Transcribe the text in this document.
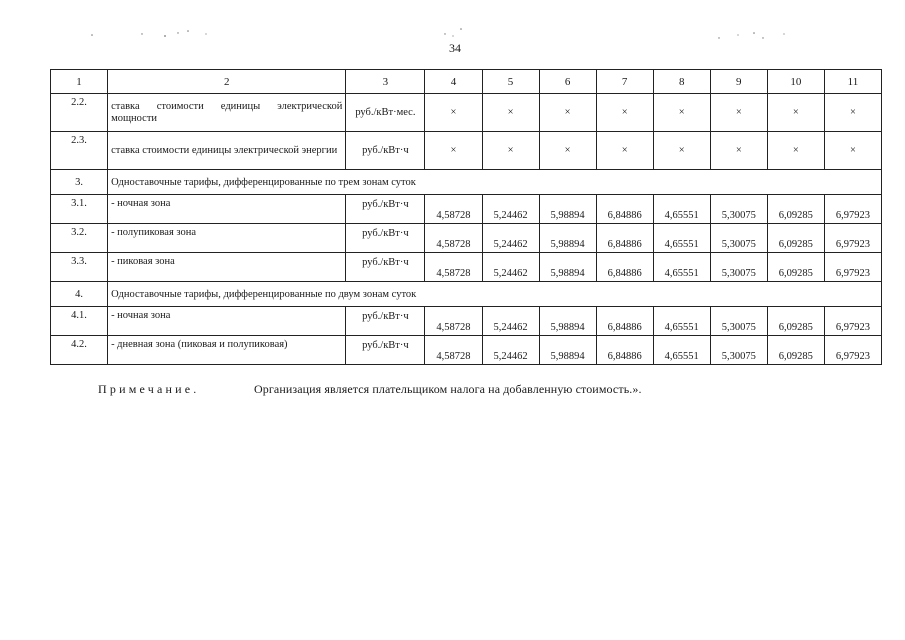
34
1	2	3	4	5	6	7	8	9	10	11
2.2.	ставка стоимости единицы электрической мощности	руб./кВт·мес.	×	×	×	×	×	×	×	×
2.3.	ставка стоимости единицы электрической энергии	руб./кВт·ч	×	×	×	×	×	×	×	×
3.	Одноставочные тарифы, дифференцированные по трем зонам суток									
3.1.	- ночная зона	руб./кВт·ч	4,58728	5,24462	5,98894	6,84886	4,65551	5,30075	6,09285	6,97923
3.2.	- полупиковая зона	руб./кВт·ч	4,58728	5,24462	5,98894	6,84886	4,65551	5,30075	6,09285	6,97923
3.3.	- пиковая зона	руб./кВт·ч	4,58728	5,24462	5,98894	6,84886	4,65551	5,30075	6,09285	6,97923
4.	Одноставочные тарифы, дифференцированные по двум зонам суток									
4.1.	- ночная зона	руб./кВт·ч	4,58728	5,24462	5,98894	6,84886	4,65551	5,30075	6,09285	6,97923
4.2.	- дневная зона (пиковая и полупиковая)	руб./кВт·ч	4,58728	5,24462	5,98894	6,84886	4,65551	5,30075	6,09285	6,97923
Примечание.	Организация является плательщиком налога на добавленную стоимость.».
